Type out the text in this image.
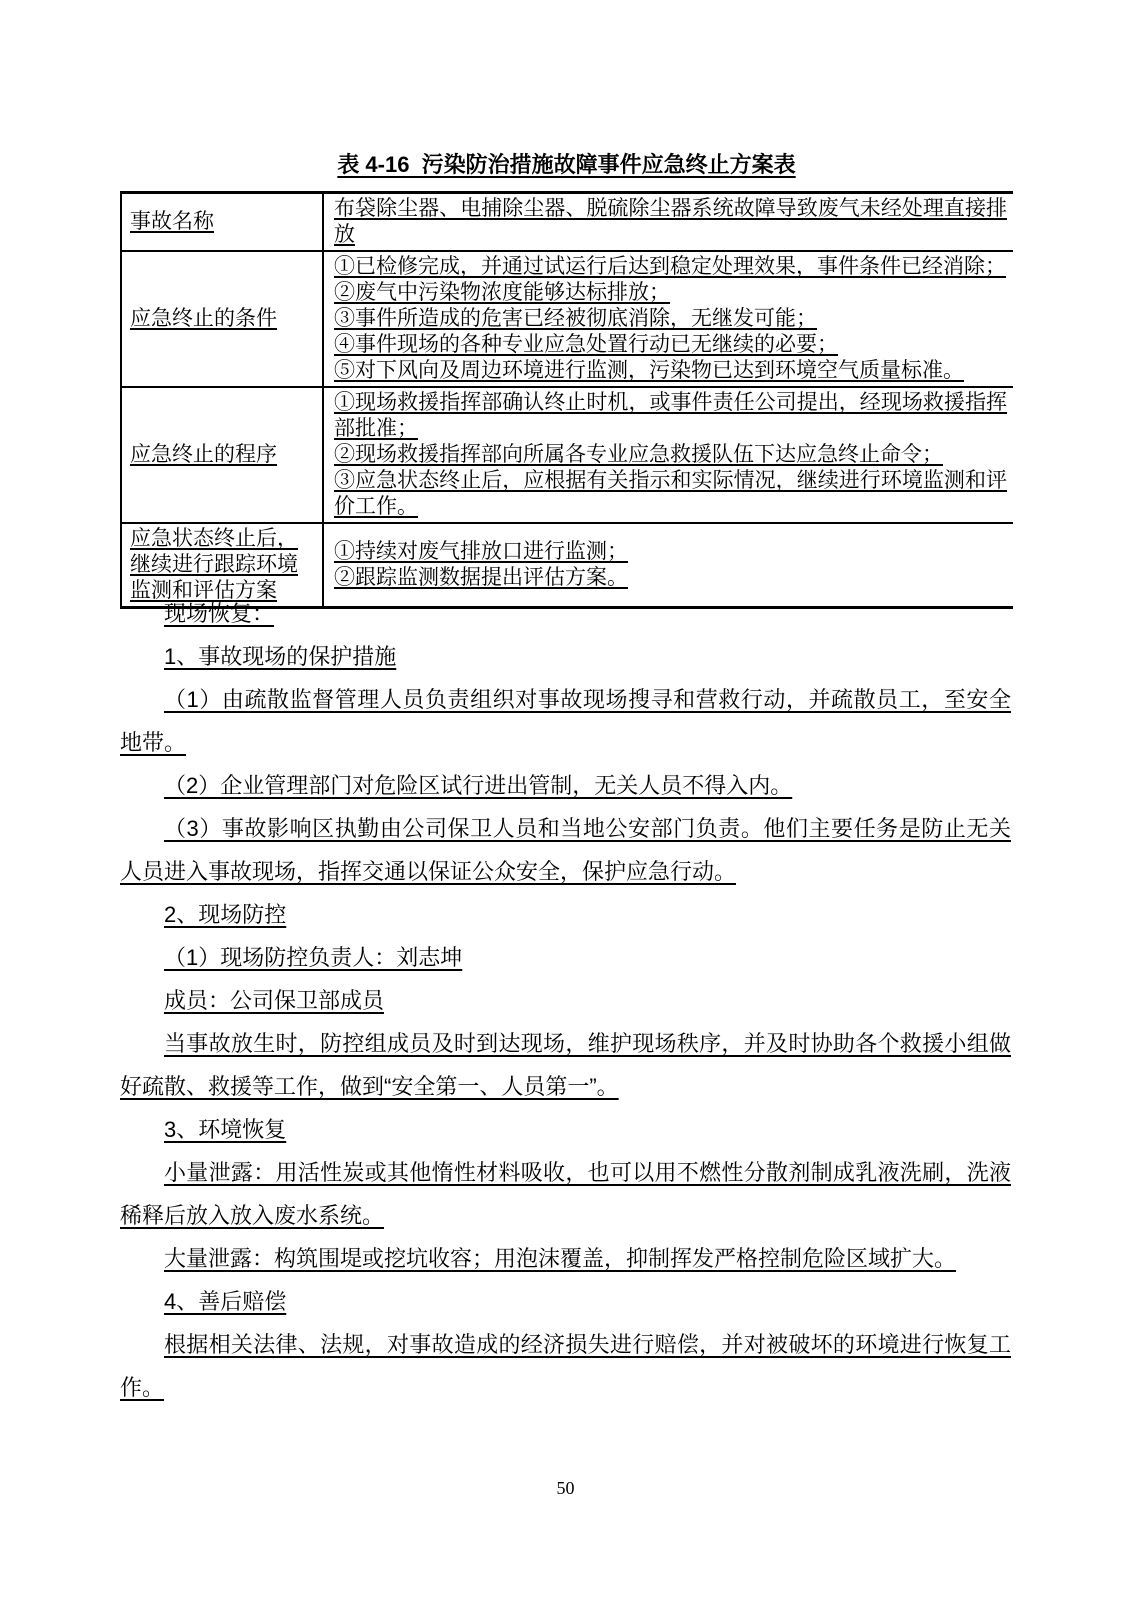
表 4-16  污染防治措施故障事件应急终止方案表
事故名称	布袋除尘器、电捕除尘器、脱硫除尘器系统故障导致废气未经处理直接排放

应急终止的条件	①已检修完成，并通过试运行后达到稳定处理效果，事件条件已经消除；
②废气中污染物浓度能够达标排放；
③事件所造成的危害已经被彻底消除，无继发可能；
④事件现场的各种专业应急处置行动已无继续的必要；
⑤对下风向及周边环境进行监测，污染物已达到环境空气质量标准。

应急终止的程序	①现场救援指挥部确认终止时机，或事件责任公司提出，经现场救援指挥部批准；
②现场救援指挥部向所属各专业应急救援队伍下达应急终止命令；
③应急状态终止后，应根据有关指示和实际情况，继续进行环境监测和评价工作。

应急状态终止后，继续进行跟踪环境监测和评估方案	①持续对废气排放口进行监测；
②跟踪监测数据提出评估方案。

现场恢复：

1、事故现场的保护措施

（1）由疏散监督管理人员负责组织对事故现场搜寻和营救行动，并疏散员工，至安全地带。

（2）企业管理部门对危险区试行进出管制，无关人员不得入内。

（3）事故影响区执勤由公司保卫人员和当地公安部门负责。他们主要任务是防止无关人员进入事故现场，指挥交通以保证公众安全，保护应急行动。

2、现场防控

（1）现场防控负责人：刘志坤

成员：公司保卫部成员

当事故放生时，防控组成员及时到达现场，维护现场秩序，并及时协助各个救援小组做好疏散、救援等工作，做到“安全第一、人员第一”。

3、环境恢复

小量泄露：用活性炭或其他惰性材料吸收，也可以用不燃性分散剂制成乳液洗刷，洗液稀释后放入放入废水系统。

大量泄露：构筑围堤或挖坑收容；用泡沫覆盖，抑制挥发严格控制危险区域扩大。

4、善后赔偿

根据相关法律、法规，对事故造成的经济损失进行赔偿，并对被破坏的环境进行恢复工作。

50
